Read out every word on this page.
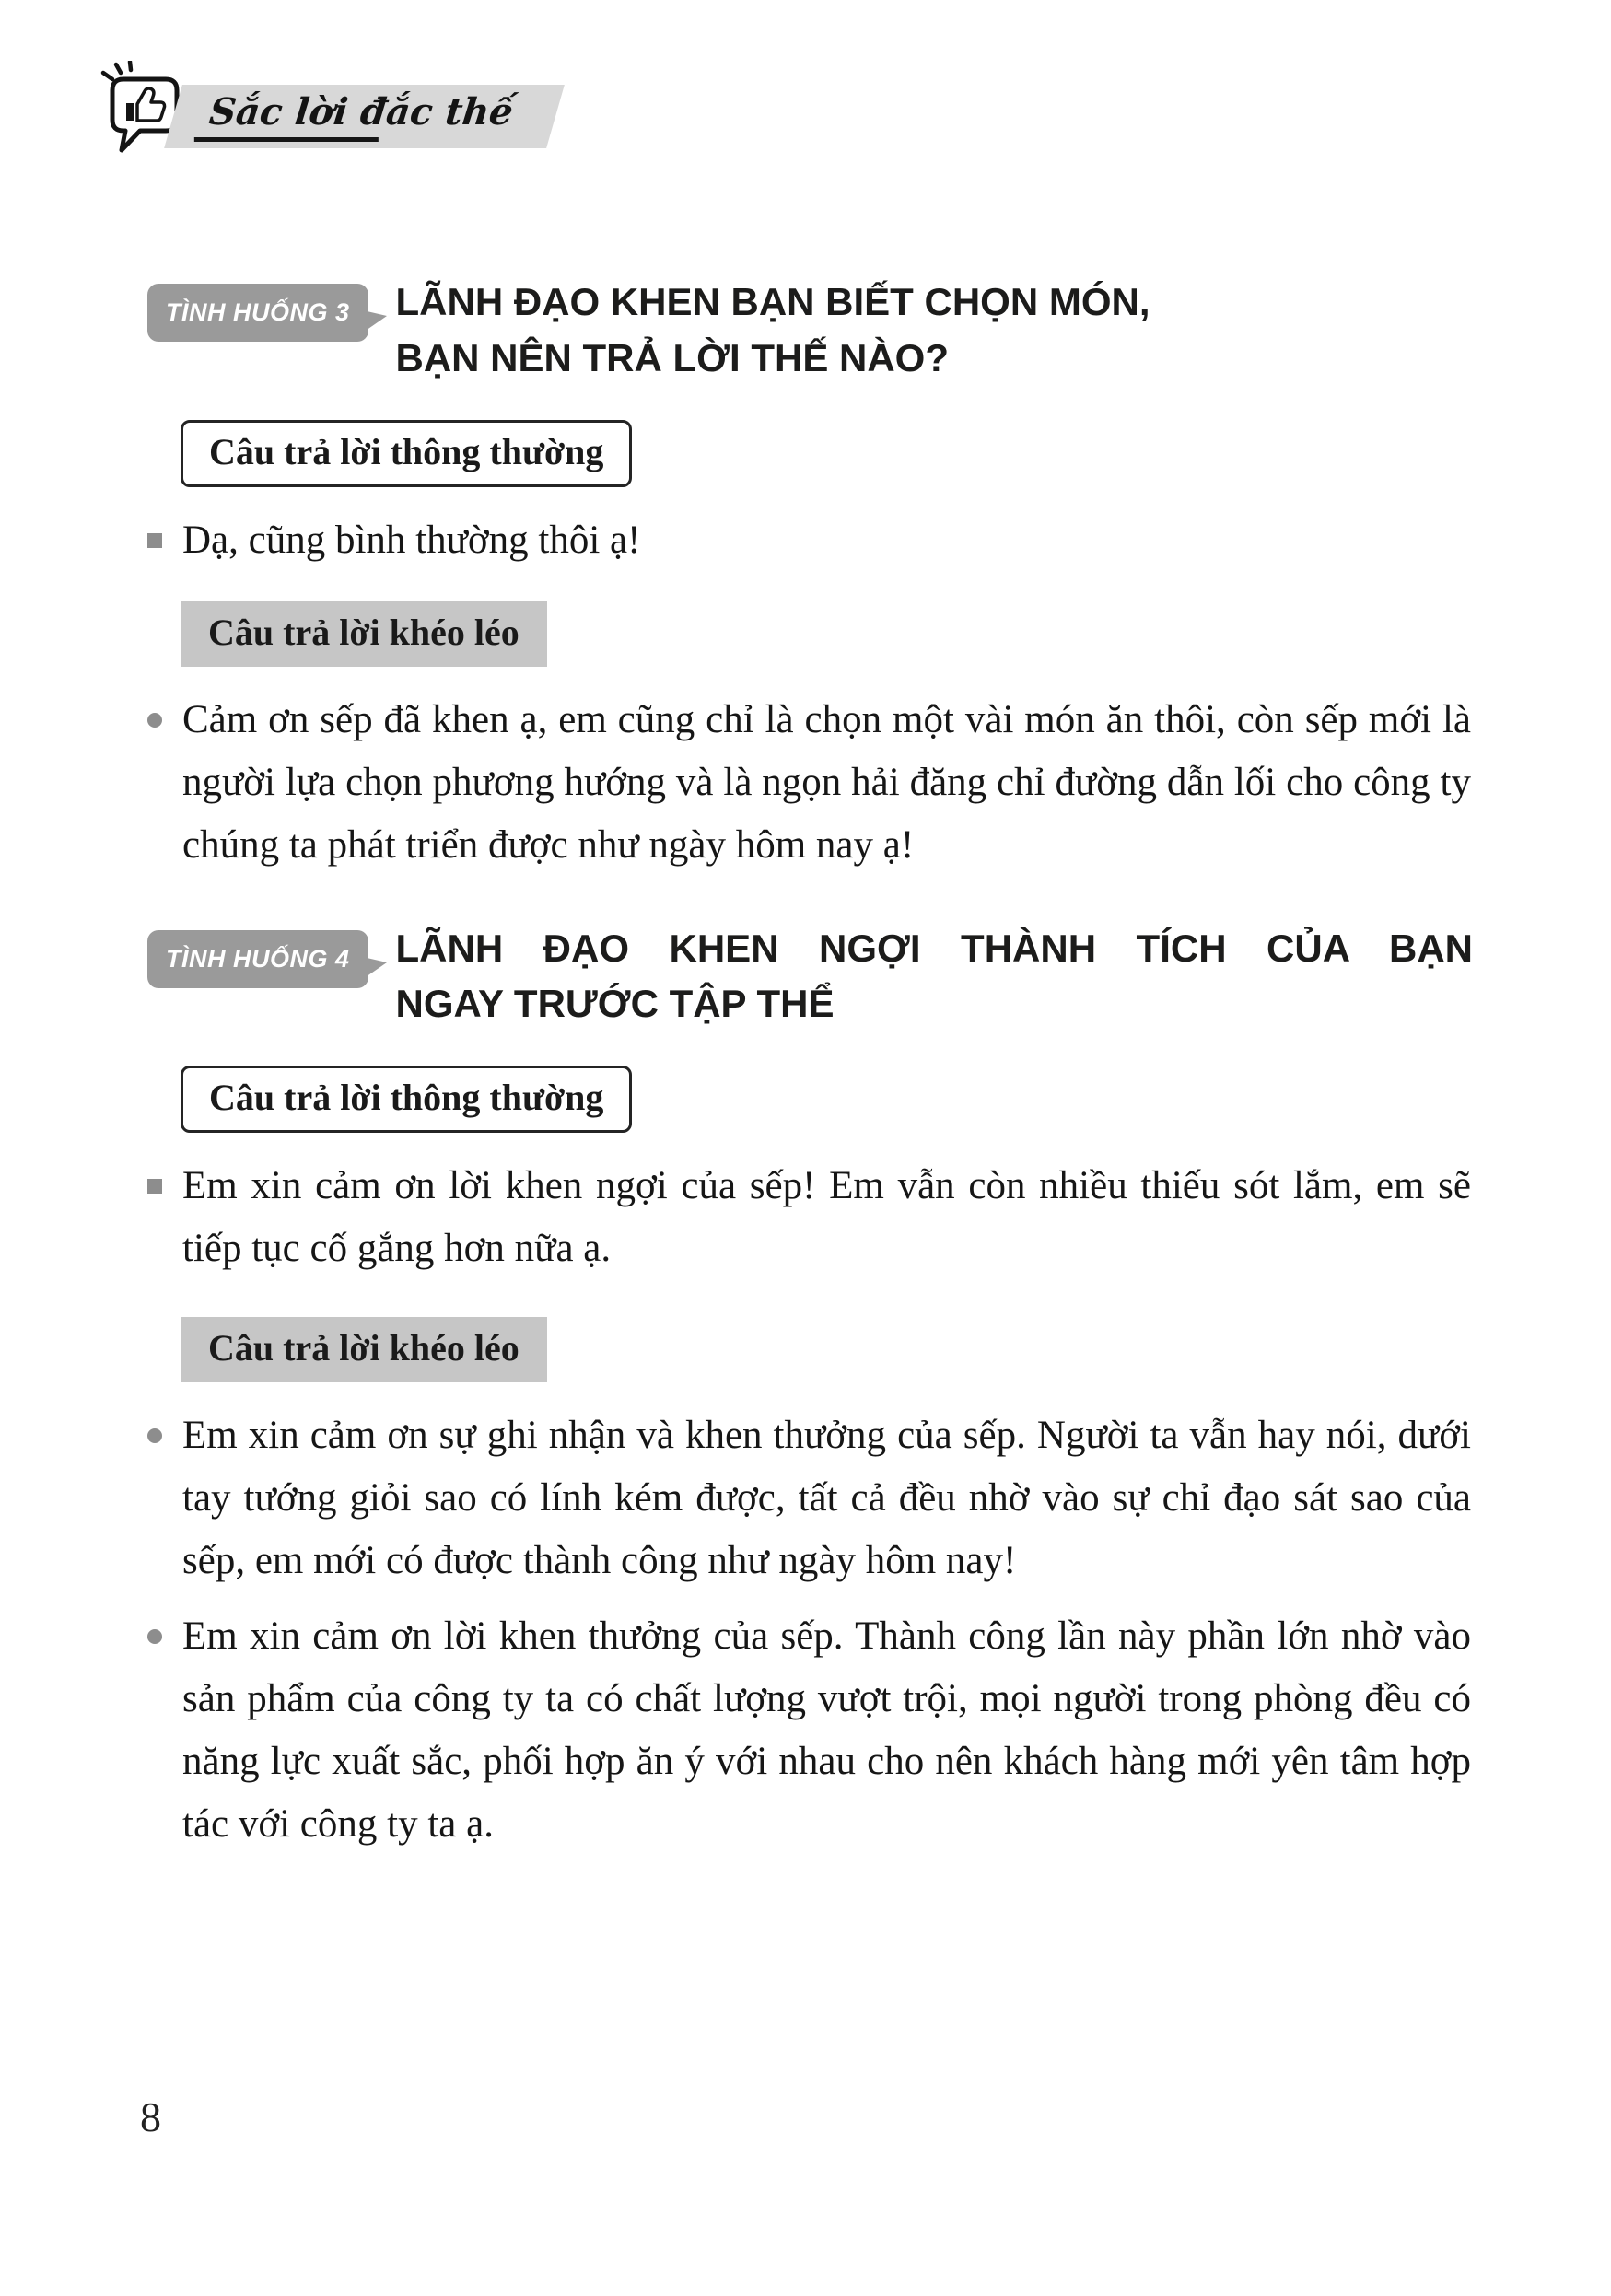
Sắc lời đắc thế
TÌNH HUỐNG 3	LÃNH ĐẠO KHEN BẠN BIẾT CHỌN MÓN,
BẠN NÊN TRẢ LỜI THẾ NÀO?
Câu trả lời thông thường
Dạ, cũng bình thường thôi ạ!
Câu trả lời khéo léo
Cảm ơn sếp đã khen ạ, em cũng chỉ là chọn một vài món ăn thôi, còn sếp mới là người lựa chọn phương hướng và là ngọn hải đăng chỉ đường dẫn lối cho công ty chúng ta phát triển được như ngày hôm nay ạ!
TÌNH HUỐNG 4	LÃNH ĐẠO KHEN NGỢI THÀNH TÍCH CỦA BẠN
NGAY TRƯỚC TẬP THỂ
Câu trả lời thông thường
Em xin cảm ơn lời khen ngợi của sếp! Em vẫn còn nhiều thiếu sót lắm, em sẽ tiếp tục cố gắng hơn nữa ạ.
Câu trả lời khéo léo
Em xin cảm ơn sự ghi nhận và khen thưởng của sếp. Người ta vẫn hay nói, dưới tay tướng giỏi sao có lính kém được, tất cả đều nhờ vào sự chỉ đạo sát sao của sếp, em mới có được thành công như ngày hôm nay!
Em xin cảm ơn lời khen thưởng của sếp. Thành công lần này phần lớn nhờ vào sản phẩm của công ty ta có chất lượng vượt trội, mọi người trong phòng đều có năng lực xuất sắc, phối hợp ăn ý với nhau cho nên khách hàng mới yên tâm hợp tác với công ty ta ạ.
8
